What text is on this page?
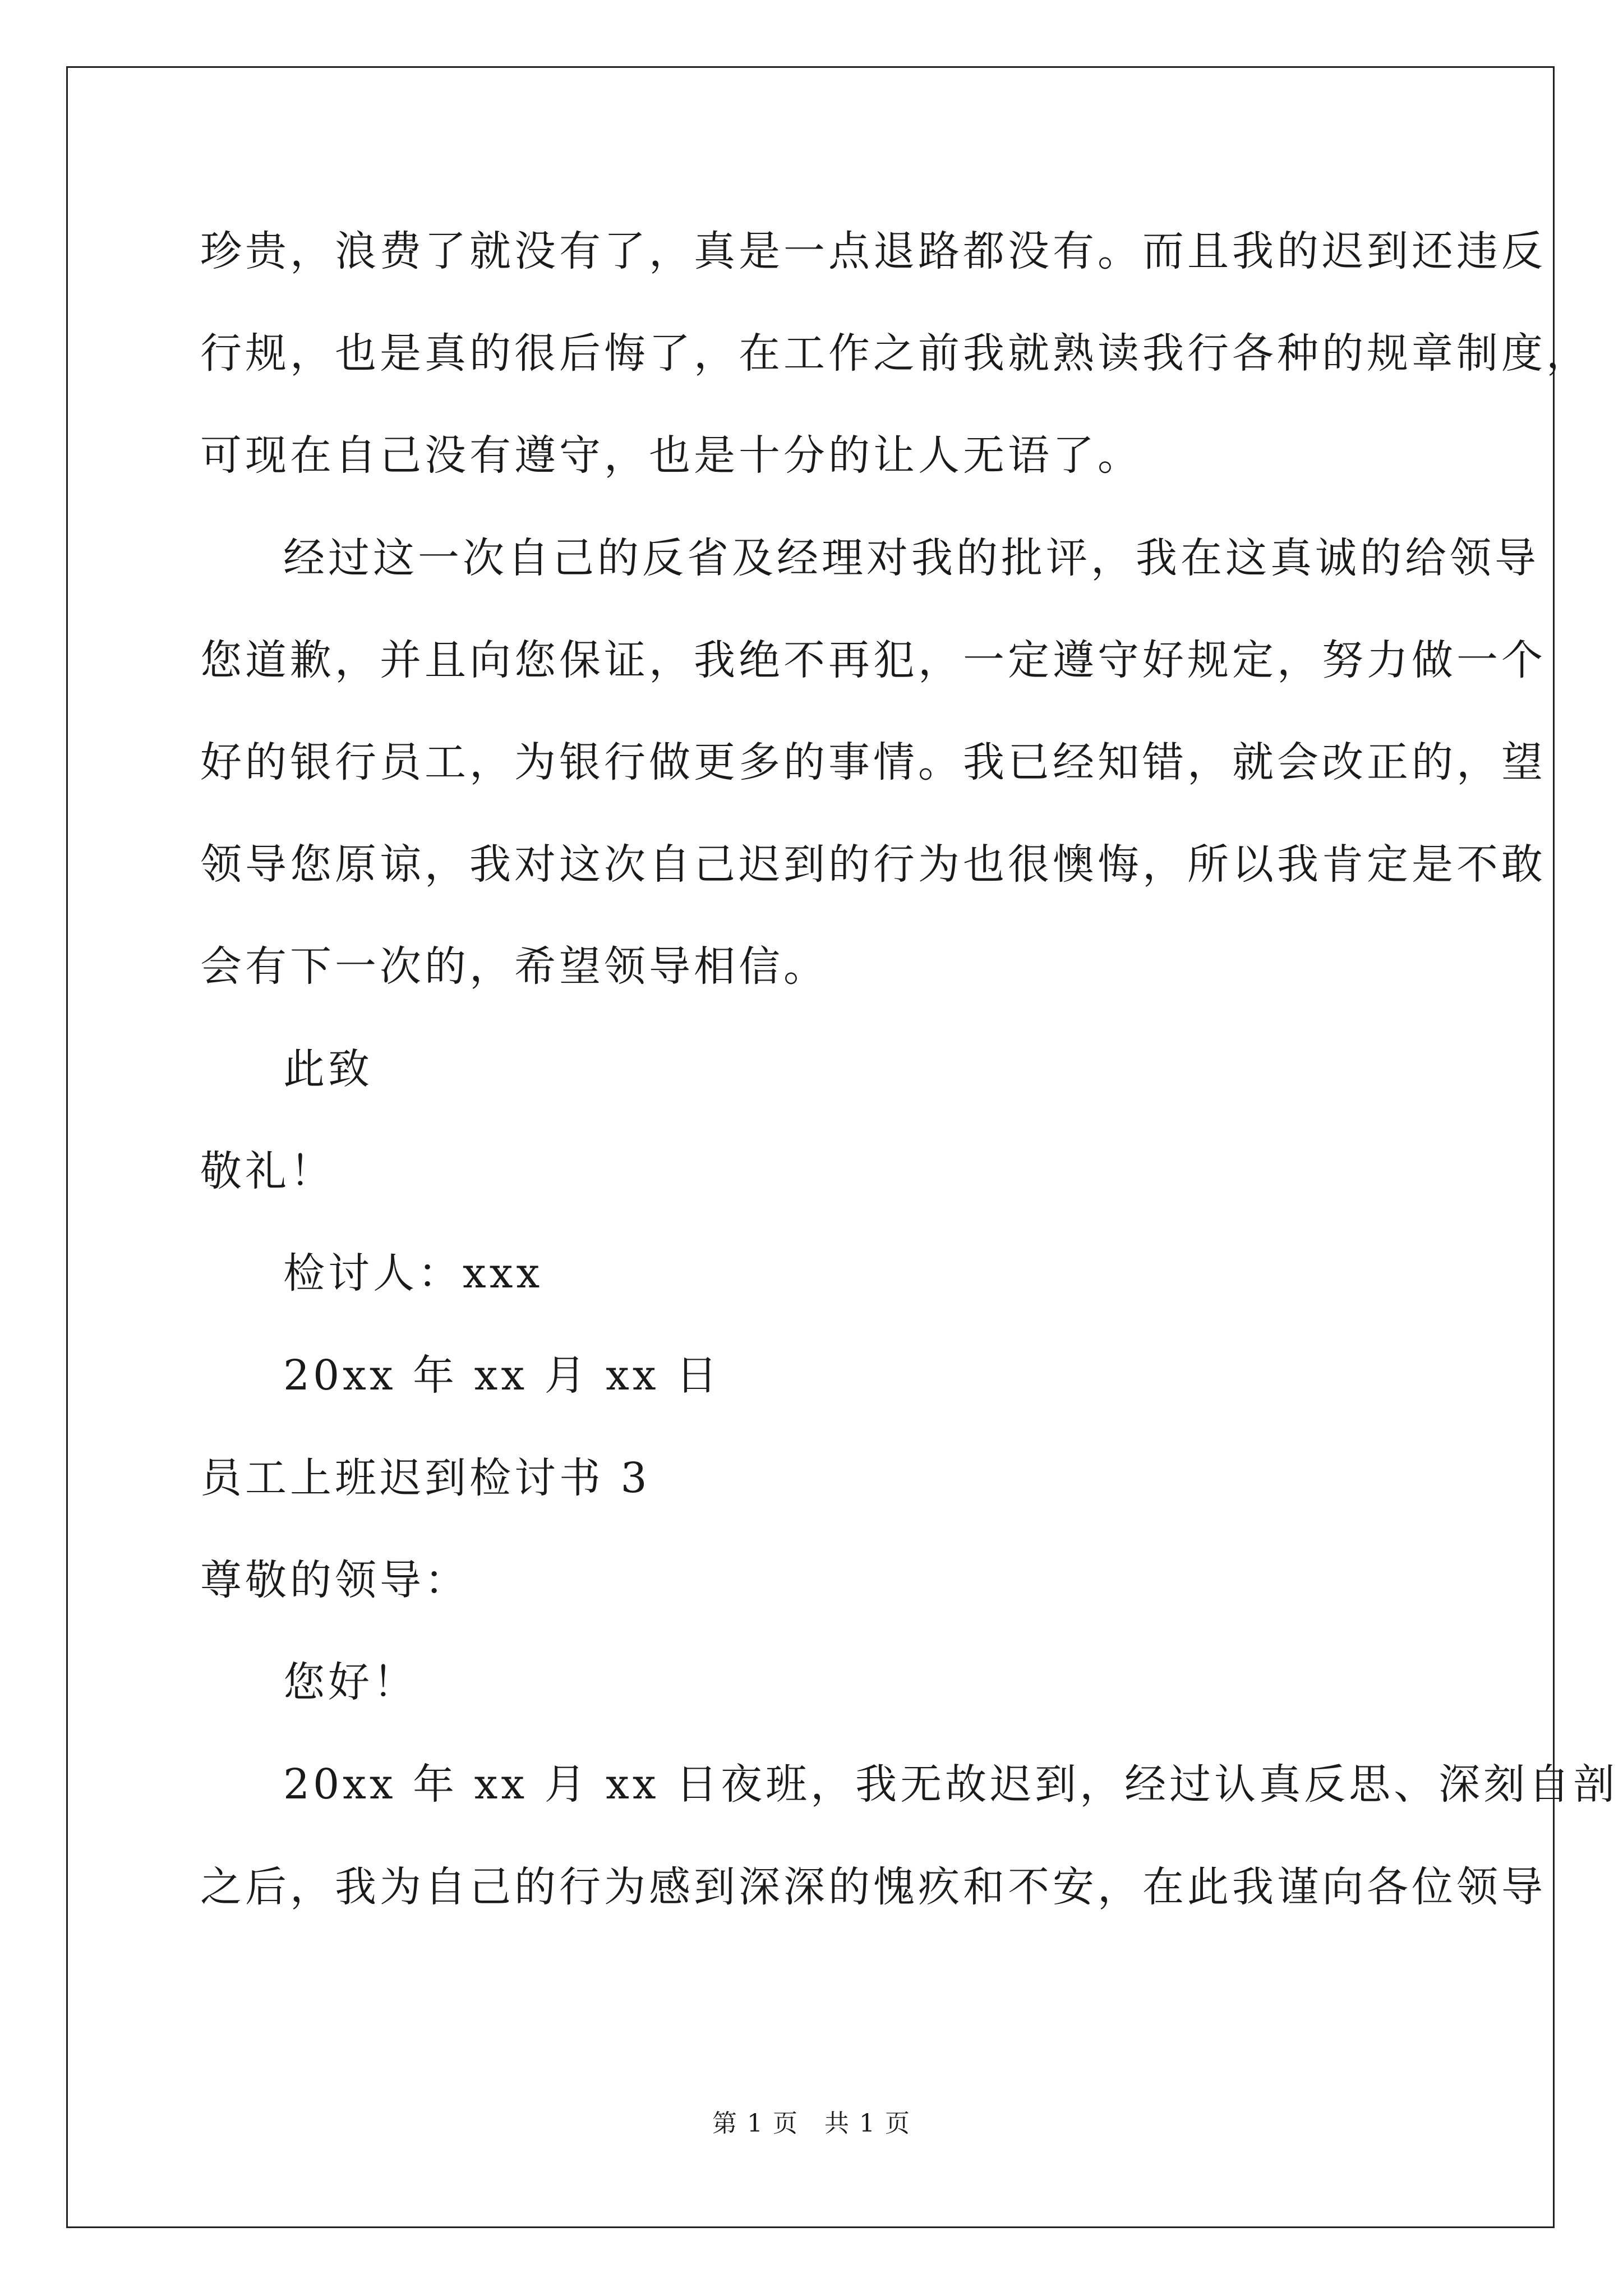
珍贵，浪费了就没有了，真是一点退路都没有。而且我的迟到还违反
行规，也是真的很后悔了，在工作之前我就熟读我行各种的规章制度，
可现在自己没有遵守，也是十分的让人无语了。
经过这一次自己的反省及经理对我的批评，我在这真诚的给领导
您道歉，并且向您保证，我绝不再犯，一定遵守好规定，努力做一个
好的银行员工，为银行做更多的事情。我已经知错，就会改正的，望
领导您原谅，我对这次自己迟到的行为也很懊悔，所以我肯定是不敢
会有下一次的，希望领导相信。
此致
敬礼！
检讨人：xxx
20xx 年 xx 月 xx 日
员工上班迟到检讨书 3
尊敬的领导：
您好！
20xx 年 xx 月 xx 日夜班，我无故迟到，经过认真反思、深刻自剖
之后，我为自己的行为感到深深的愧疚和不安，在此我谨向各位领导
第 1 页　共 1 页
